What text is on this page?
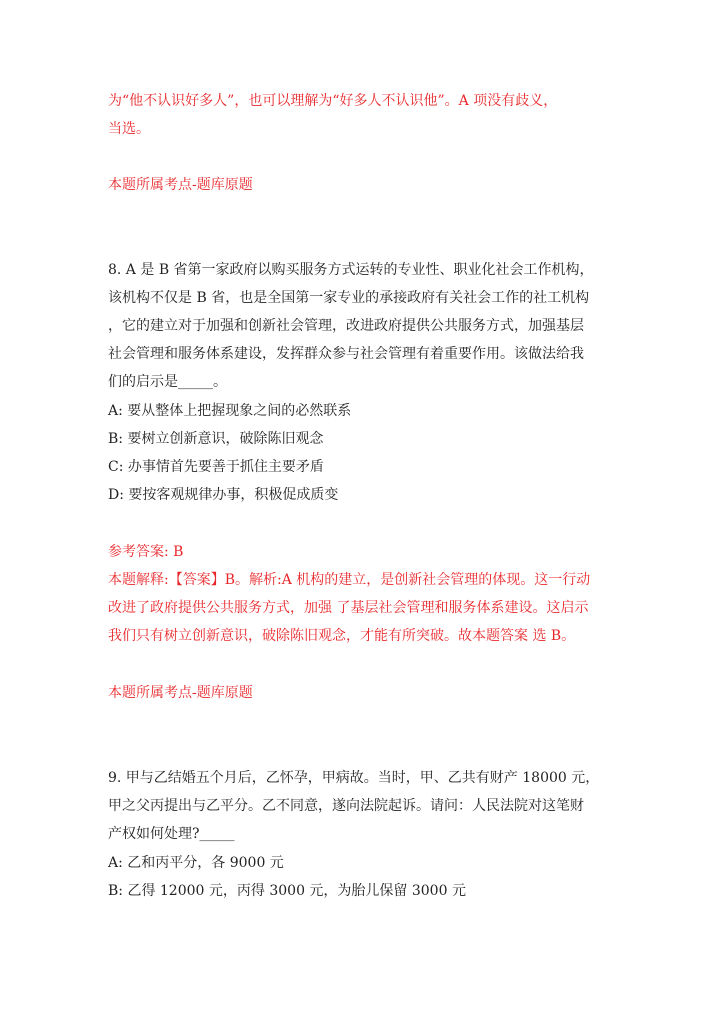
为“他不认识好多人”，也可以理解为“好多人不认识他”。A 项没有歧义，
当选。
本题所属考点-题库原题
8. A 是 B 省第一家政府以购买服务方式运转的专业性、职业化社会工作机构，
该机构不仅是 B 省，也是全国第一家专业的承接政府有关社会工作的社工机构
，它的建立对于加强和创新社会管理，改进政府提供公共服务方式，加强基层
社会管理和服务体系建设，发挥群众参与社会管理有着重要作用。该做法给我
们的启示是_____。
A: 要从整体上把握现象之间的必然联系
B: 要树立创新意识，破除陈旧观念
C: 办事情首先要善于抓住主要矛盾
D: 要按客观规律办事，积极促成质变
参考答案: B
本题解释:【答案】B。解析:A 机构的建立，是创新社会管理的体现。这一行动
改进了政府提供公共服务方式，加强 了基层社会管理和服务体系建设。这启示
我们只有树立创新意识，破除陈旧观念，才能有所突破。故本题答案 选 B。
本题所属考点-题库原题
9. 甲与乙结婚五个月后，乙怀孕，甲病故。当时，甲、乙共有财产 18000 元，
甲之父丙提出与乙平分。乙不同意，遂向法院起诉。请问：人民法院对这笔财
产权如何处理?_____
A: 乙和丙平分，各 9000 元
B: 乙得 12000 元，丙得 3000 元，为胎儿保留 3000 元
